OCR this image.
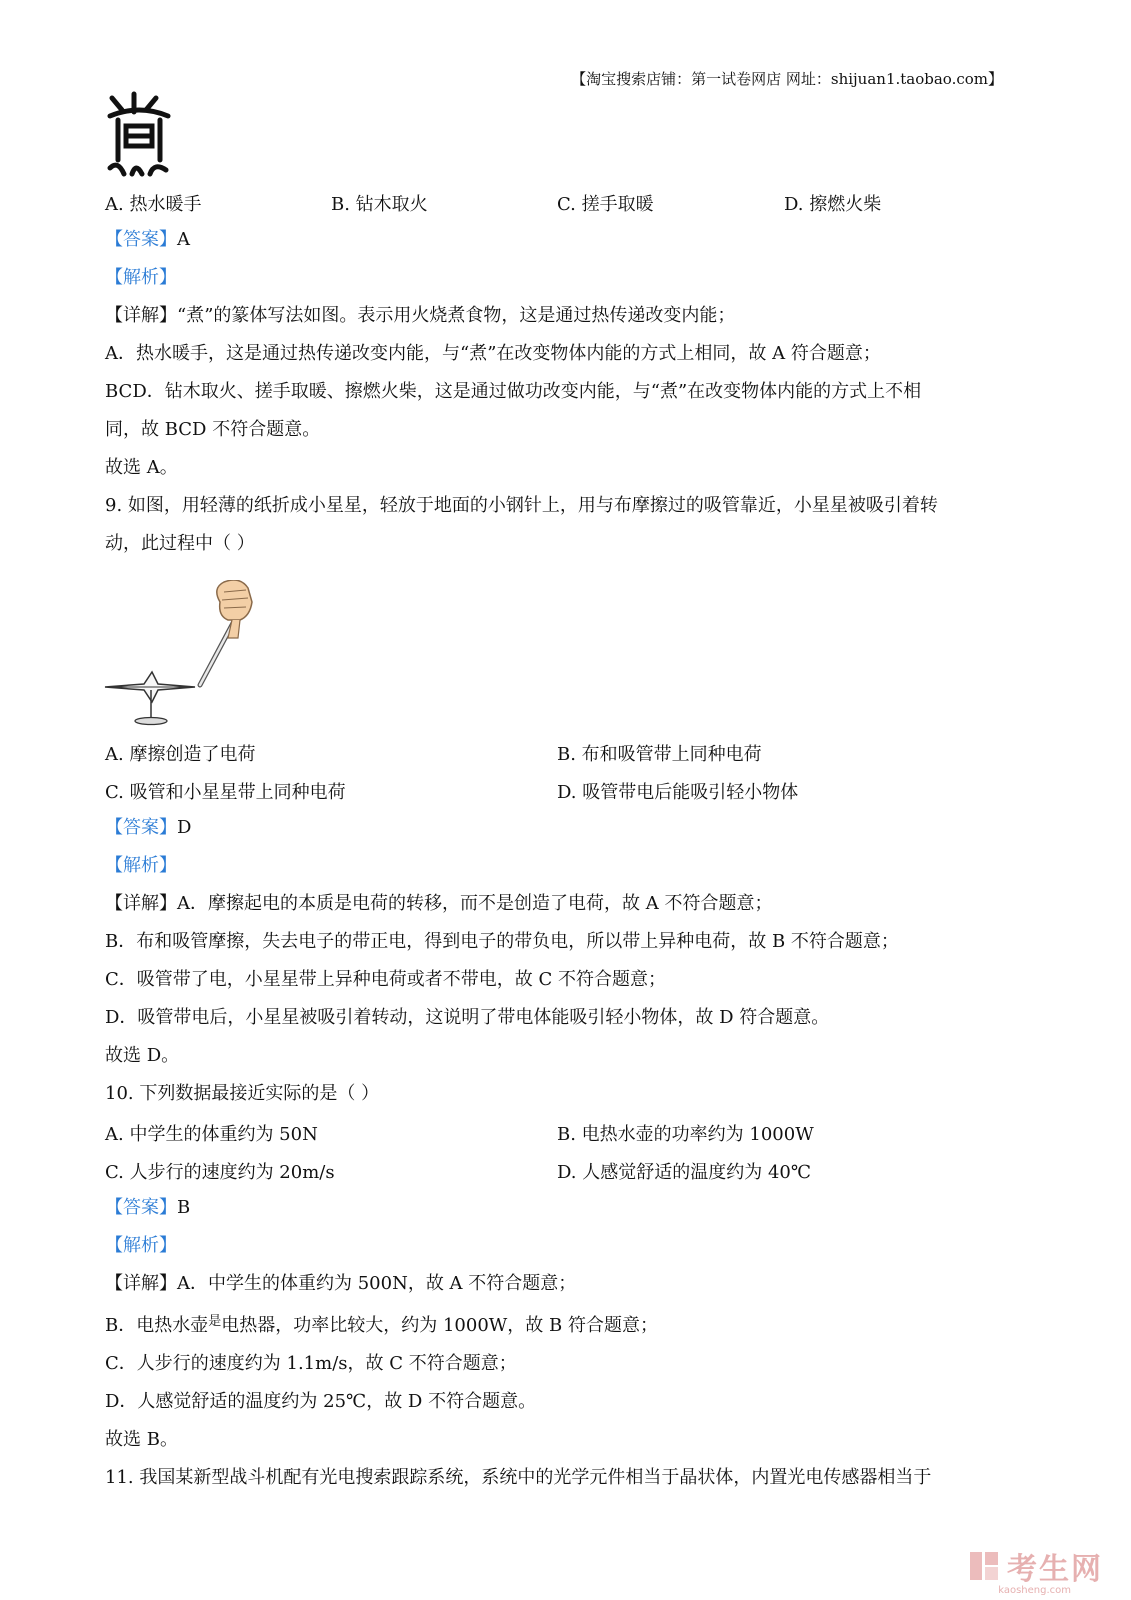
【淘宝搜索店铺：第一试卷网店 网址：shijuan1.taobao.com】
A. 热水暖手	B. 钻木取火	C. 搓手取暖	D. 擦燃火柴
【答案】A
【解析】
【详解】“煮”的篆体写法如图。表示用火烧煮食物，这是通过热传递改变内能；
A．热水暖手，这是通过热传递改变内能，与“煮”在改变物体内能的方式上相同，故 A 符合题意；
BCD．钻木取火、搓手取暖、擦燃火柴，这是通过做功改变内能，与“煮”在改变物体内能的方式上不相
同，故 BCD 不符合题意。
故选 A。
9. 如图，用轻薄的纸折成小星星，轻放于地面的小钢针上，用与布摩擦过的吸管靠近，小星星被吸引着转
动，此过程中（ ）
A. 摩擦创造了电荷	B. 布和吸管带上同种电荷
C. 吸管和小星星带上同种电荷	D. 吸管带电后能吸引轻小物体
【答案】D
【解析】
【详解】A．摩擦起电的本质是电荷的转移，而不是创造了电荷，故 A 不符合题意；
B．布和吸管摩擦，失去电子的带正电，得到电子的带负电，所以带上异种电荷，故 B 不符合题意；
C．吸管带了电，小星星带上异种电荷或者不带电，故 C 不符合题意；
D．吸管带电后，小星星被吸引着转动，这说明了带电体能吸引轻小物体，故 D 符合题意。
故选 D。
10. 下列数据最接近实际的是（ ）
A. 中学生的体重约为 50N	B. 电热水壶的功率约为 1000W
C. 人步行的速度约为 20m/s	D. 人感觉舒适的温度约为 40℃
【答案】B
【解析】
【详解】A．中学生的体重约为 500N，故 A 不符合题意；
B．电热水壶$^是$电热器，功率比较大，约为 1000W，故 B 符合题意；
C．人步行的速度约为 1.1m/s，故 C 不符合题意；
D．人感觉舒适的温度约为 25℃，故 D 不符合题意。
故选 B。
11. 我国某新型战斗机配有光电搜索跟踪系统，系统中的光学元件相当于晶状体，内置光电传感器相当于
考生网
kaosheng.com
